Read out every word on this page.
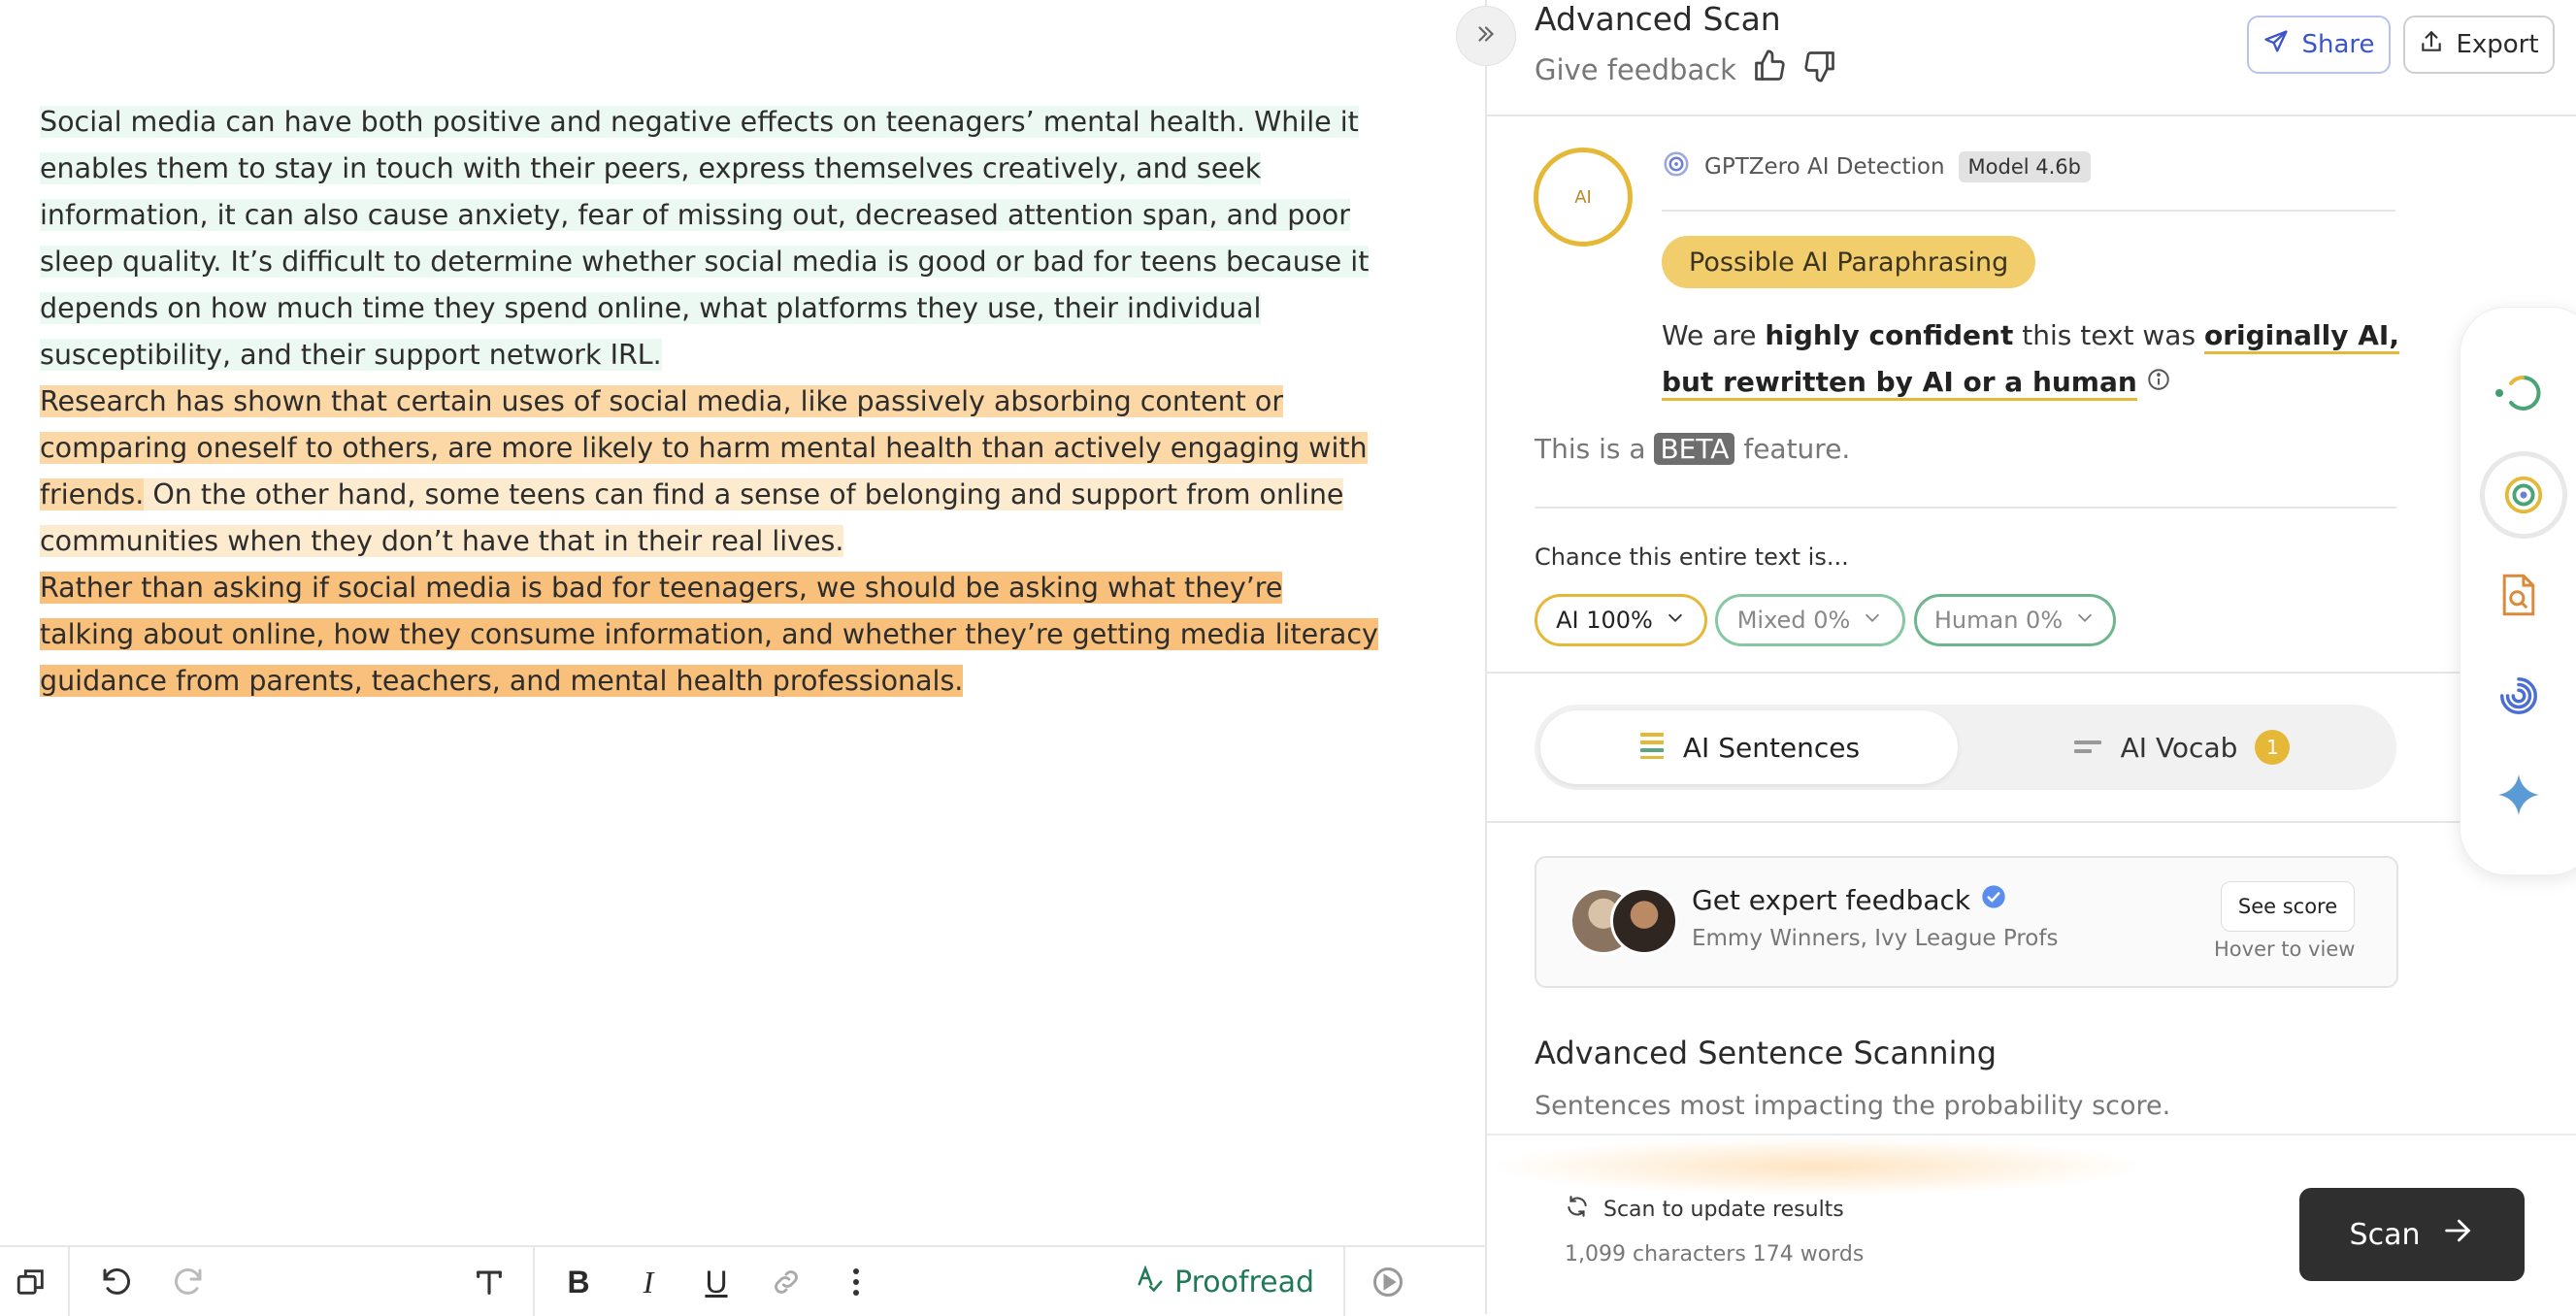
Social media can have both positive and negative effects on teenagers’ mental health. While it enables them to stay in touch with their peers, express themselves creatively, and seek information, it can also cause anxiety, fear of missing out, decreased attention span, and poor sleep quality. It’s difficult to determine whether social media is good or bad for teens because it depends on how much time they spend online, what platforms they use, their individual susceptibility, and their support network IRL.

Research has shown that certain uses of social media, like passively absorbing content or comparing oneself to others, are more likely to harm mental health than actively engaging with friends. On the other hand, some teens can find a sense of belonging and support from online communities when they don’t have that in their real lives.

Rather than asking if social media is bad for teenagers, we should be asking what they’re talking about online, how they consume information, and whether they’re getting media literacy guidance from parents, teachers, and mental health professionals.

B I U	Proofread
Advanced Scan
Give feedback
Share	Export
AI
GPTZero AI Detection	Model 4.6b
Possible AI Paraphrasing
We are highly confident this text was originally AI, but rewritten by AI or a human
This is a BETA feature.
Chance this entire text is...
AI 100%	Mixed 0%	Human 0%
AI Sentences	AI Vocab	1
Get expert feedback
Emmy Winners, Ivy League Profs
See score
Hover to view
Advanced Sentence Scanning
Sentences most impacting the probability score.
Scan to update results
1,099 characters 174 words
Scan
